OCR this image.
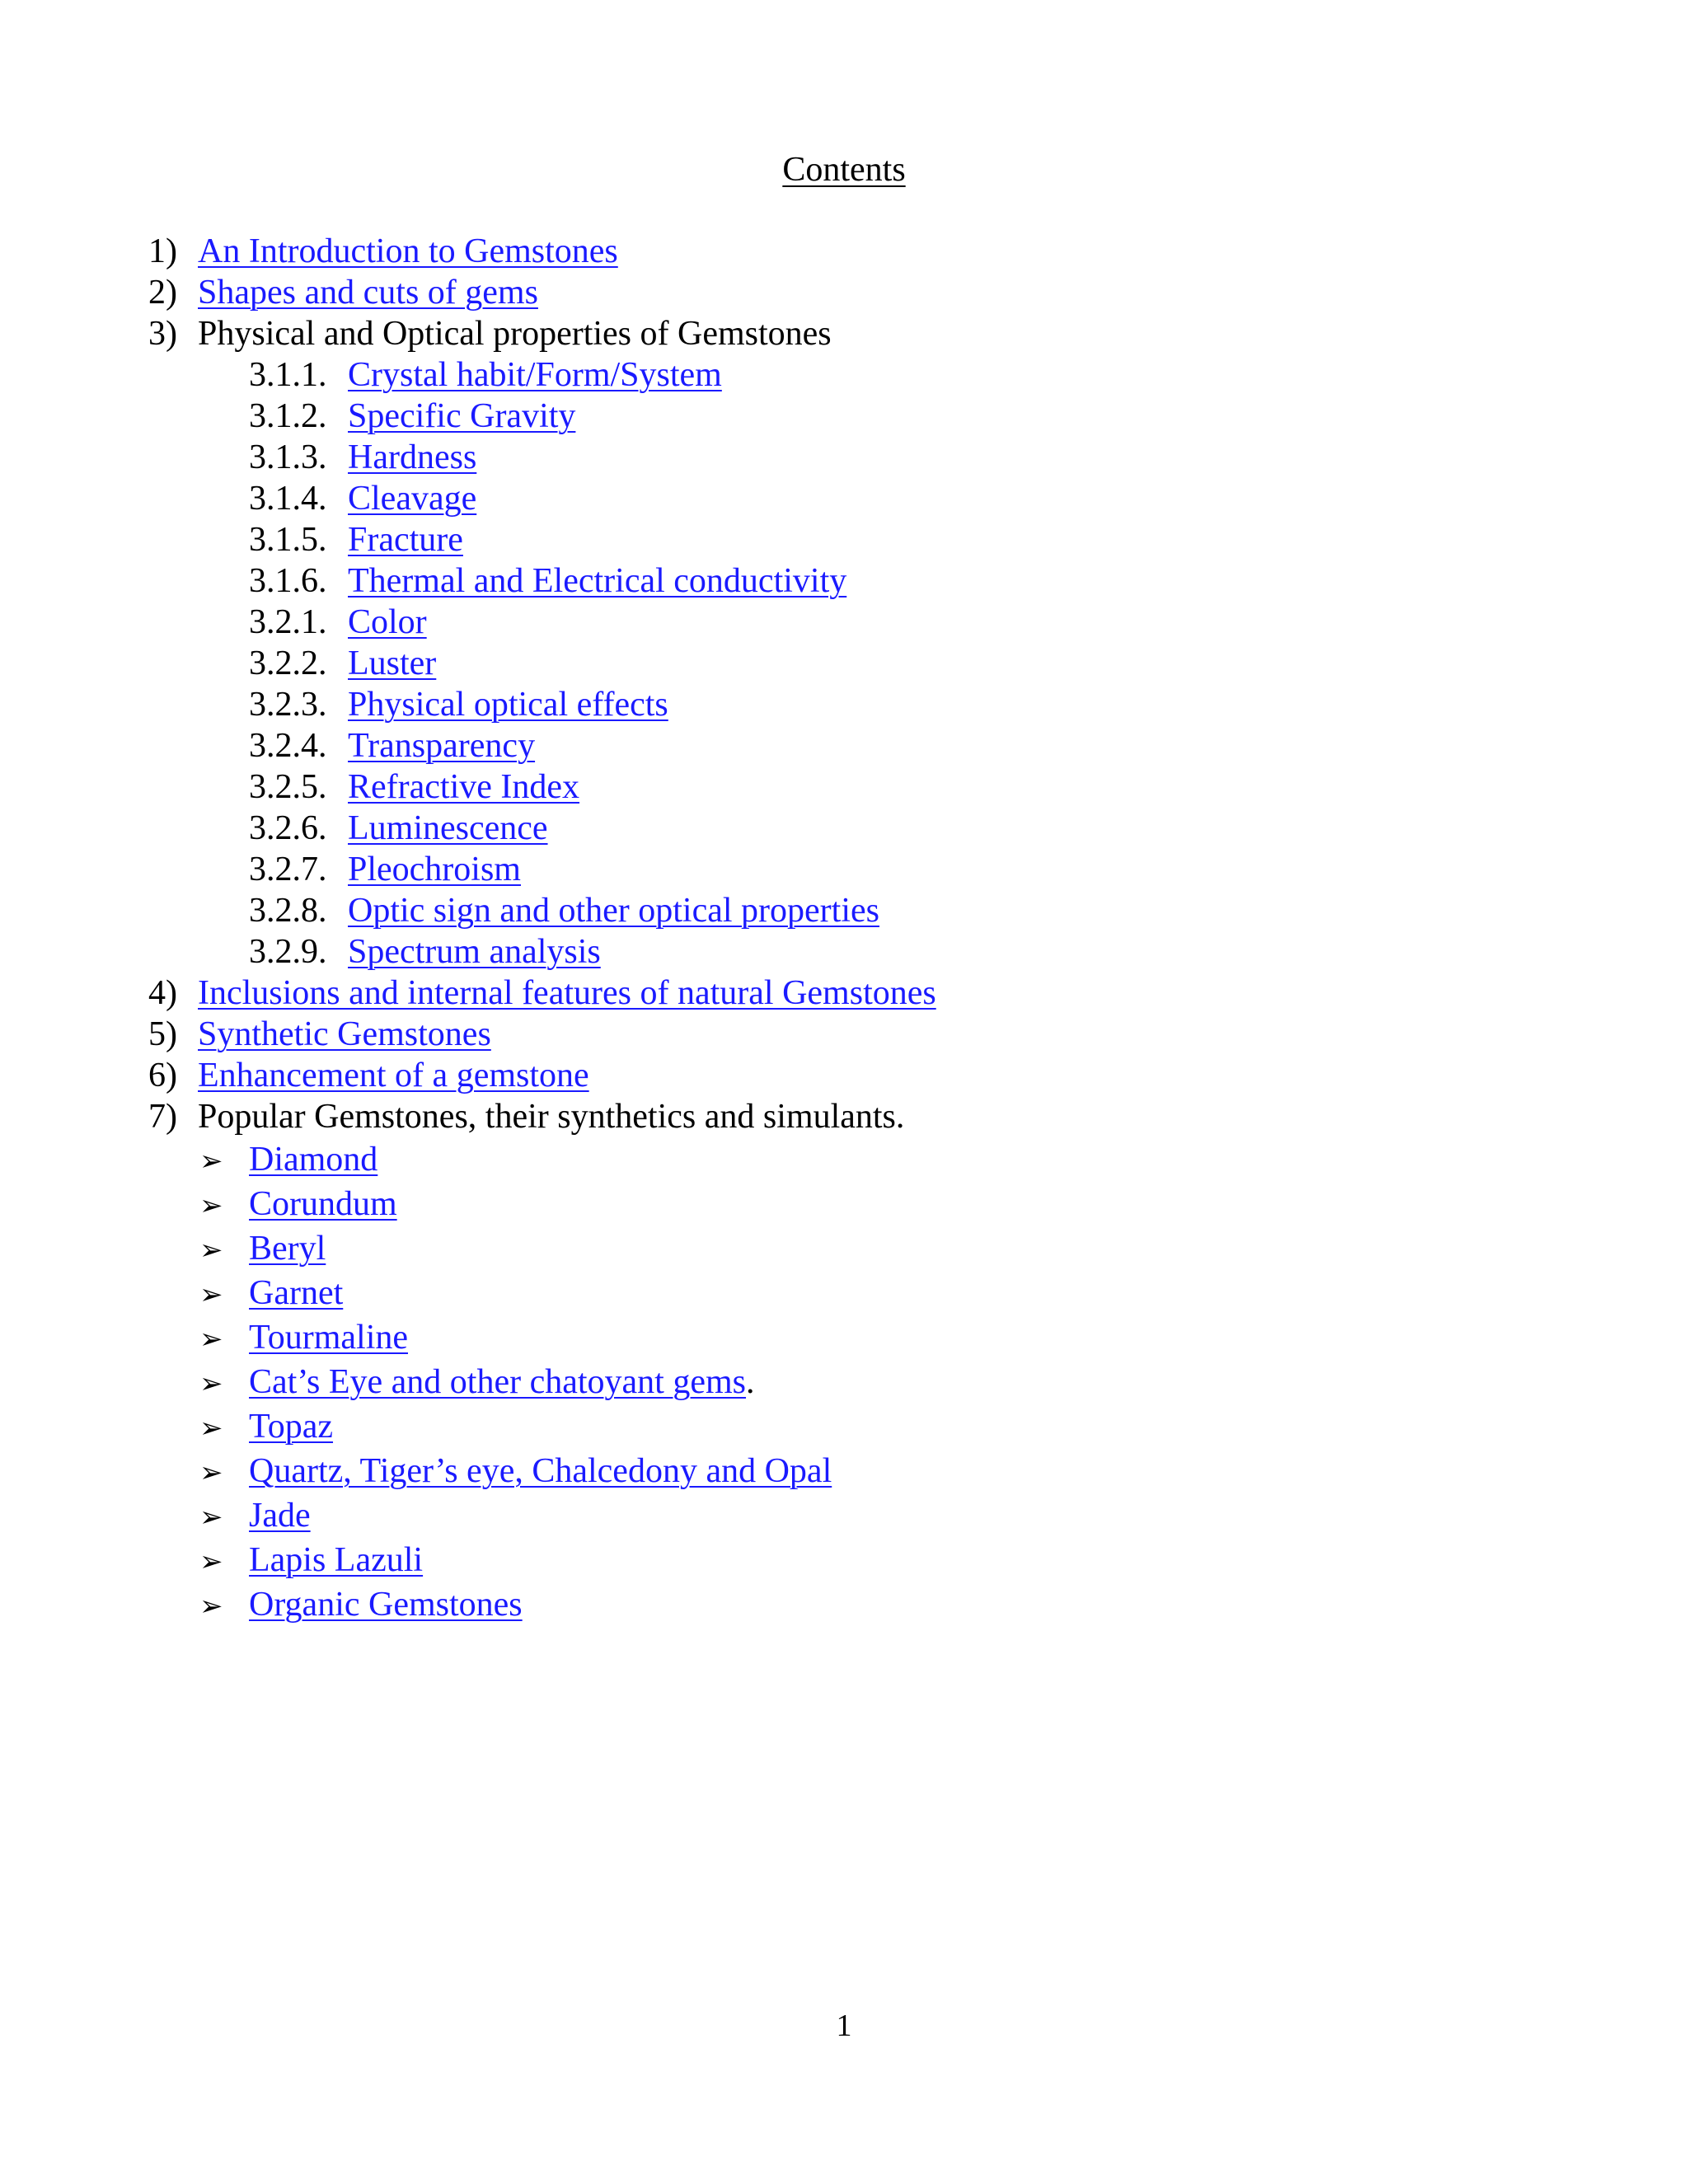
Contents
1) An Introduction to Gemstones
2) Shapes and cuts of gems
3) Physical and Optical properties of Gemstones
3.1.1. Crystal habit/Form/System
3.1.2. Specific Gravity
3.1.3. Hardness
3.1.4. Cleavage
3.1.5. Fracture
3.1.6. Thermal and Electrical conductivity
3.2.1. Color
3.2.2. Luster
3.2.3. Physical optical effects
3.2.4. Transparency
3.2.5. Refractive Index
3.2.6. Luminescence
3.2.7. Pleochroism
3.2.8. Optic sign and other optical properties
3.2.9. Spectrum analysis
4) Inclusions and internal features of natural Gemstones
5) Synthetic Gemstones
6) Enhancement of a gemstone
7) Popular Gemstones, their synthetics and simulants.
➢ Diamond
➢ Corundum
➢ Beryl
➢ Garnet
➢ Tourmaline
➢ Cat’s Eye and other chatoyant gems .
➢ Topaz
➢ Quartz, Tiger’s eye, Chalcedony and Opal
➢ Jade
➢ Lapis Lazuli
➢ Organic Gemstones
1
